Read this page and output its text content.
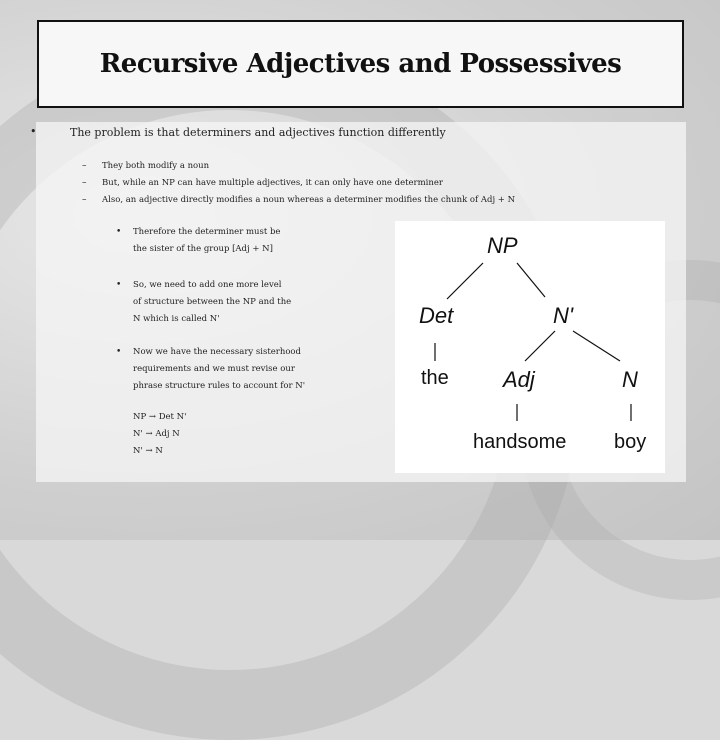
Recursive Adjectives and Possessives
•	The problem is that determiners and adjectives function differently
– They both modify a noun
– But, while an NP can have multiple adjectives, it can only have one determiner
– Also, an adjective directly modifies a noun whereas a determiner modifies the chunk of Adj + N
• Therefore the determiner must be
the sister of the group [Adj + N]
• So, we need to add one more level
of structure between the NP and the
N which is called N'
• Now we have the necessary sisterhood
requirements and we must revise our
phrase structure rules to account for N'
NP → Det N'
N' → Adj N
N' → N
NP
Det	N'
the Adj	N
handsome boy
